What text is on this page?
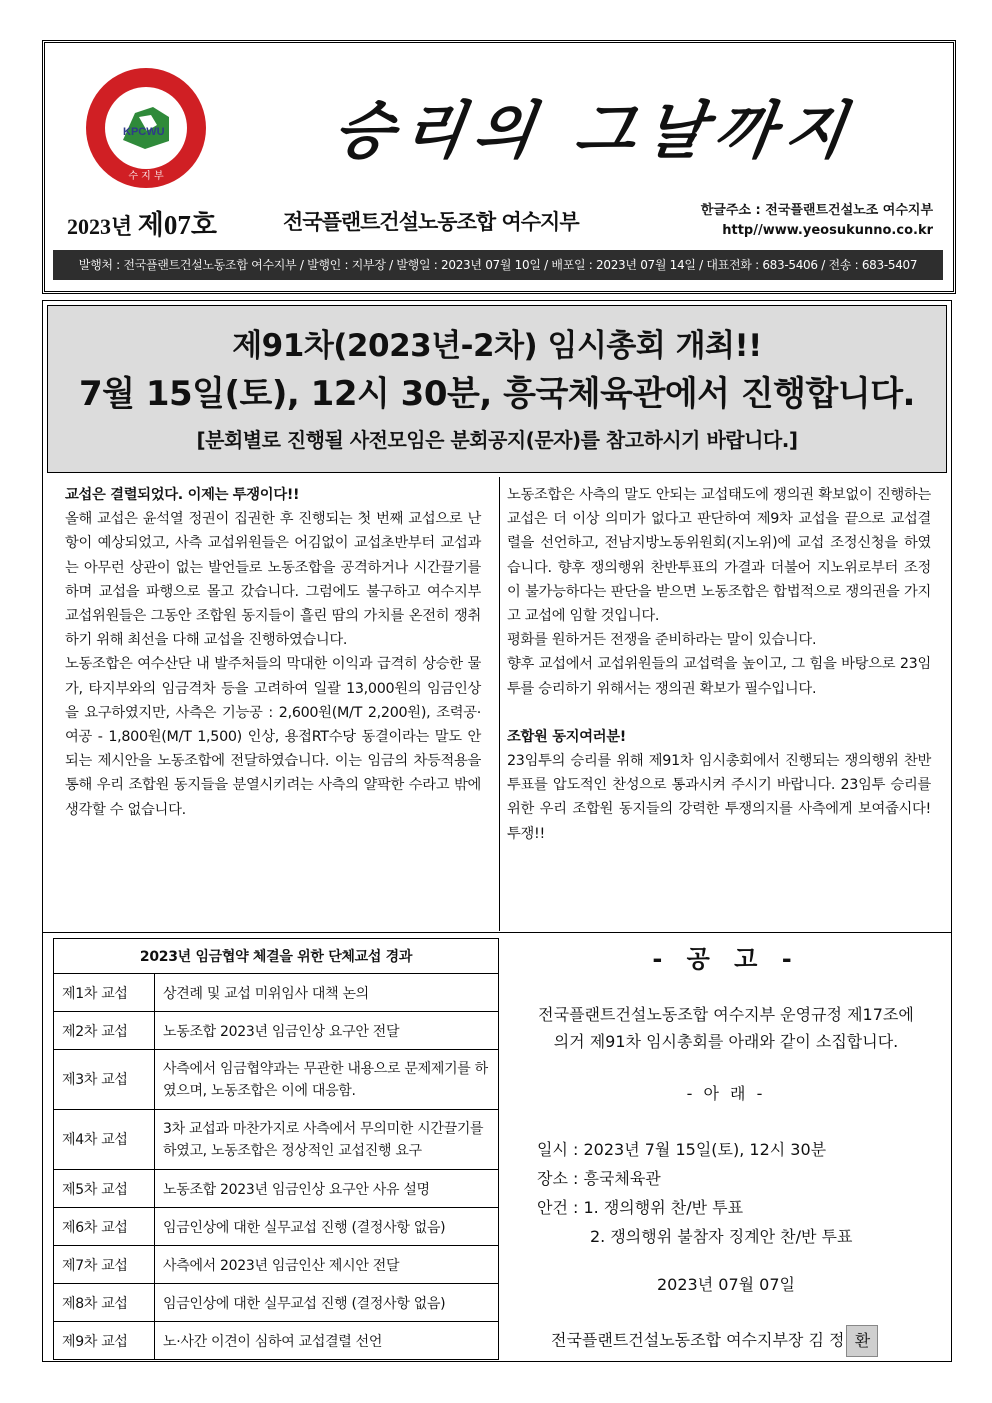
KPCWU
수 지 부
승리의 그날까지
2023년 제07호	전국플랜트건설노동조합 여수지부	한글주소 : 전국플랜트건설노조 여수지부
http//www.yeosukunno.co.kr
발행처 : 전국플랜트건설노동조합 여수지부 / 발행인 : 지부장 / 발행일 : 2023년 07월 10일 / 배포일 : 2023년 07월 14일 / 대표전화 : 683-5406 / 전송 : 683-5407
제91차(2023년-2차) 임시총회 개최!!
7월 15일(토), 12시 30분, 흥국체육관에서 진행합니다.
[분회별로 진행될 사전모임은 분회공지(문자)를 참고하시기 바랍니다.]

교섭은 결렬되었다. 이제는 투쟁이다!!

올해 교섭은 윤석열 정권이 집권한 후 진행되는 첫 번째 교섭으로 난항이 예상되었고, 사측 교섭위원들은 어김없이 교섭초반부터 교섭과는 아무런 상관이 없는 발언들로 노동조합을 공격하거나 시간끌기를 하며 교섭을 파행으로 몰고 갔습니다. 그럼에도 불구하고 여수지부 교섭위원들은 그동안 조합원 동지들이 흘린 땀의 가치를 온전히 쟁취하기 위해 최선을 다해 교섭을 진행하였습니다.

노동조합은 여수산단 내 발주처들의 막대한 이익과 급격히 상승한 물가, 타지부와의 임금격차 등을 고려하여 일괄 13,000원의 임금인상을 요구하였지만, 사측은 기능공 : 2,600원(M/T 2,200원), 조력공·여공 - 1,800원(M/T 1,500) 인상, 용접RT수당 동결이라는 말도 안되는 제시안을 노동조합에 전달하였습니다. 이는 임금의 차등적용을 통해 우리 조합원 동지들을 분열시키려는 사측의 얄팍한 수라고 밖에 생각할 수 없습니다.

노동조합은 사측의 말도 안되는 교섭태도에 쟁의권 확보없이 진행하는 교섭은 더 이상 의미가 없다고 판단하여 제9차 교섭을 끝으로 교섭결렬을 선언하고, 전남지방노동위원회(지노위)에 교섭 조정신청을 하였습니다. 향후 쟁의행위 찬반투표의 가결과 더불어 지노위로부터 조정이 불가능하다는 판단을 받으면 노동조합은 합법적으로 쟁의권을 가지고 교섭에 임할 것입니다.

평화를 원하거든 전쟁을 준비하라는 말이 있습니다.

향후 교섭에서 교섭위원들의 교섭력을 높이고, 그 힘을 바탕으로 23임투를 승리하기 위해서는 쟁의권 확보가 필수입니다.

조합원 동지여러분!

23임투의 승리를 위해 제91차 임시총회에서 진행되는 쟁의행위 찬반투표를 압도적인 찬성으로 통과시켜 주시기 바랍니다. 23임투 승리를 위한 우리 조합원 동지들의 강력한 투쟁의지를 사측에게 보여줍시다! 투쟁!!

2023년 임금협약 체결을 위한 단체교섭 경과	
제1차 교섭	상견례 및 교섭 미위임사 대책 논의
제2차 교섭	노동조합 2023년 임금인상 요구안 전달
제3차 교섭	사측에서 임금협약과는 무관한 내용으로 문제제기를 하였으며, 노동조합은 이에 대응함.
제4차 교섭	3차 교섭과 마찬가지로 사측에서 무의미한 시간끌기를 하였고, 노동조합은 정상적인 교섭진행 요구
제5차 교섭	노동조합 2023년 임금인상 요구안 사유 설명
제6차 교섭	임금인상에 대한 실무교섭 진행 (결정사항 없음)
제7차 교섭	사측에서 2023년 임금인산 제시안 전달
제8차 교섭	임금인상에 대한 실무교섭 진행 (결정사항 없음)
제9차 교섭	노·사간 이견이 심하여 교섭결렬 선언
- 공 고 -
전국플랜트건설노동조합 여수지부 운영규정 제17조에
의거 제91차 임시총회를 아래와 같이 소집합니다.
- 아 래 -
일시 : 2023년 7월 15일(토), 12시 30분
장소 : 흥국체육관
안건 : 1. 쟁의행위 찬/반 투표
2. 쟁의행위 불참자 징계안 찬/반 투표
2023년 07월 07일
전국플랜트건설노동조합 여수지부장 김 정 환
